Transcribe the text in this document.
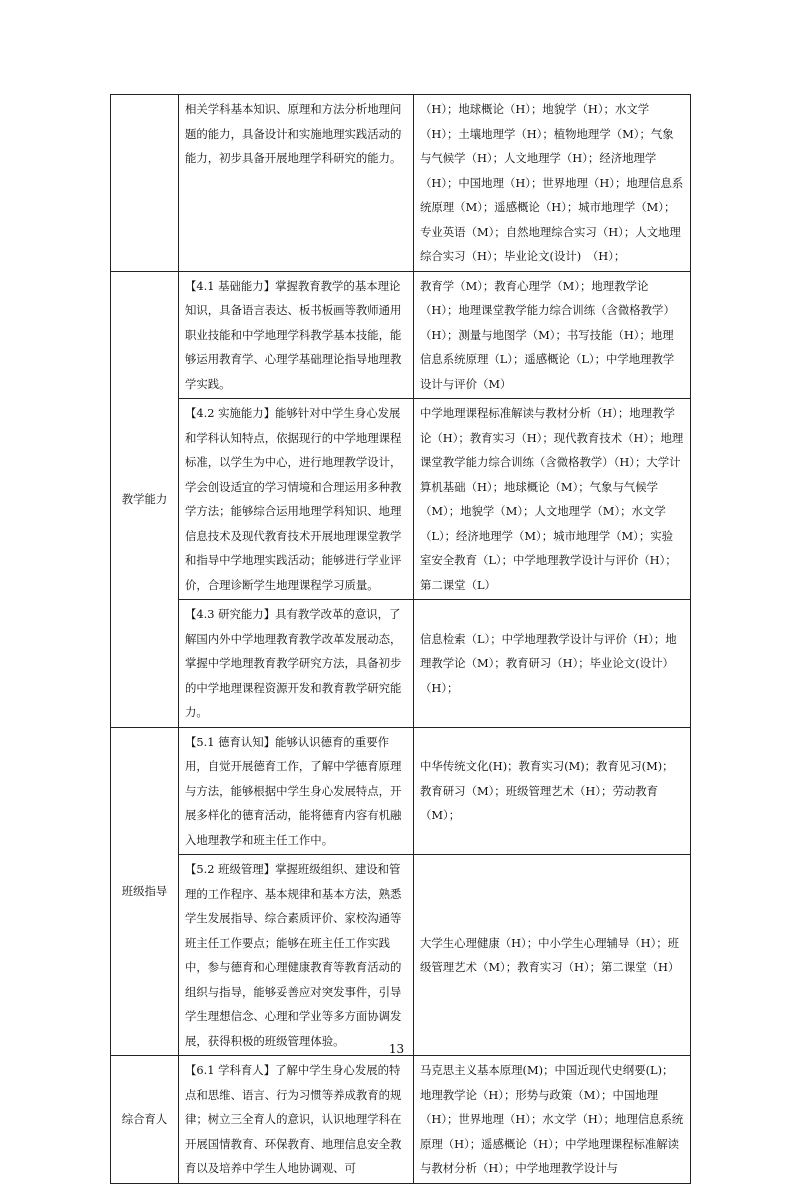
	相关学科基本知识、原理和方法分析地理问题的能力，具备设计和实施地理实践活动的能力，初步具备开展地理学科研究的能力。	（H）；地球概论（H）；地貌学（H）；水文学（H）；土壤地理学（H）；植物地理学（M）；气象与气候学（H）；人文地理学（H）；经济地理学（H）；中国地理（H）；世界地理（H）；地理信息系统原理（M）；遥感概论（H）；城市地理学（M）；专业英语（M）；自然地理综合实习（H）；人文地理综合实习（H）；毕业论文(设计)　（H）；
教学能力	【4.1 基础能力】掌握教育教学的基本理论知识，具备语言表达、板书板画等教师通用职业技能和中学地理学科教学基本技能，能够运用教育学、心理学基础理论指导地理教学实践。	教育学（M）；教育心理学（M）；地理教学论（H）；地理课堂教学能力综合训练（含微格教学）（H）；测量与地图学（M）；书写技能（H）；地理信息系统原理（L）；遥感概论（L）；中学地理教学设计与评价（M）
	【4.2 实施能力】能够针对中学生身心发展和学科认知特点，依据现行的中学地理课程标准，以学生为中心，进行地理教学设计，学会创设适宜的学习情境和合理运用多种教学方法；能够综合运用地理学科知识、地理信息技术及现代教育技术开展地理课堂教学和指导中学地理实践活动；能够进行学业评价，合理诊断学生地理课程学习质量。	中学地理课程标准解读与教材分析（H）；地理教学论（H）；教育实习（H）；现代教育技术（H）；地理课堂教学能力综合训练（含微格教学）（H）；大学计算机基础（H）；地球概论（M）；气象与气候学（M）；地貌学（M）；人文地理学（M）；水文学（L）；经济地理学（M）；城市地理学（M）；实验室安全教育（L）；中学地理教学设计与评价（H）；第二课堂（L）
	【4.3 研究能力】具有教学改革的意识，了解国内外中学地理教育教学改革发展动态，掌握中学地理教育教学研究方法，具备初步的中学地理课程资源开发和教育教学研究能力。	信息检索（L）；中学地理教学设计与评价（H）；地理教学论（M）；教育研习（H）；毕业论文(设计）（H）；
班级指导	【5.1 德育认知】能够认识德育的重要作用，自觉开展德育工作，了解中学德育原理与方法，能够根据中学生身心发展特点，开展多样化的德育活动，能将德育内容有机融入地理教学和班主任工作中。	中华传统文化(H)；教育实习(M)；教育见习(M)；教育研习（M）；班级管理艺术（H）；劳动教育（M）；
	【5.2 班级管理】掌握班级组织、建设和管理的工作程序、基本规律和基本方法，熟悉学生发展指导、综合素质评价、家校沟通等班主任工作要点；能够在班主任工作实践中，参与德育和心理健康教育等教育活动的组织与指导，能够妥善应对突发事件，引导学生理想信念、心理和学业等多方面协调发展，获得积极的班级管理体验。	大学生心理健康（H）；中小学生心理辅导（H）；班级管理艺术（M）；教育实习（H）；第二课堂（H）
综合育人	【6.1 学科育人】了解中学生身心发展的特点和思维、语言、行为习惯等养成教育的规律；树立三全育人的意识，认识地理学科在开展国情教育、环保教育、地理信息安全教育以及培养中学生人地协调观、可	马克思主义基本原理(M)；中国近现代史纲要(L)；地理教学论（H）；形势与政策（M）；中国地理（H）；世界地理（H）；水文学（H）；地理信息系统原理（H）；遥感概论（H）；中学地理课程标准解读与教材分析（H）；中学地理教学设计与
13
